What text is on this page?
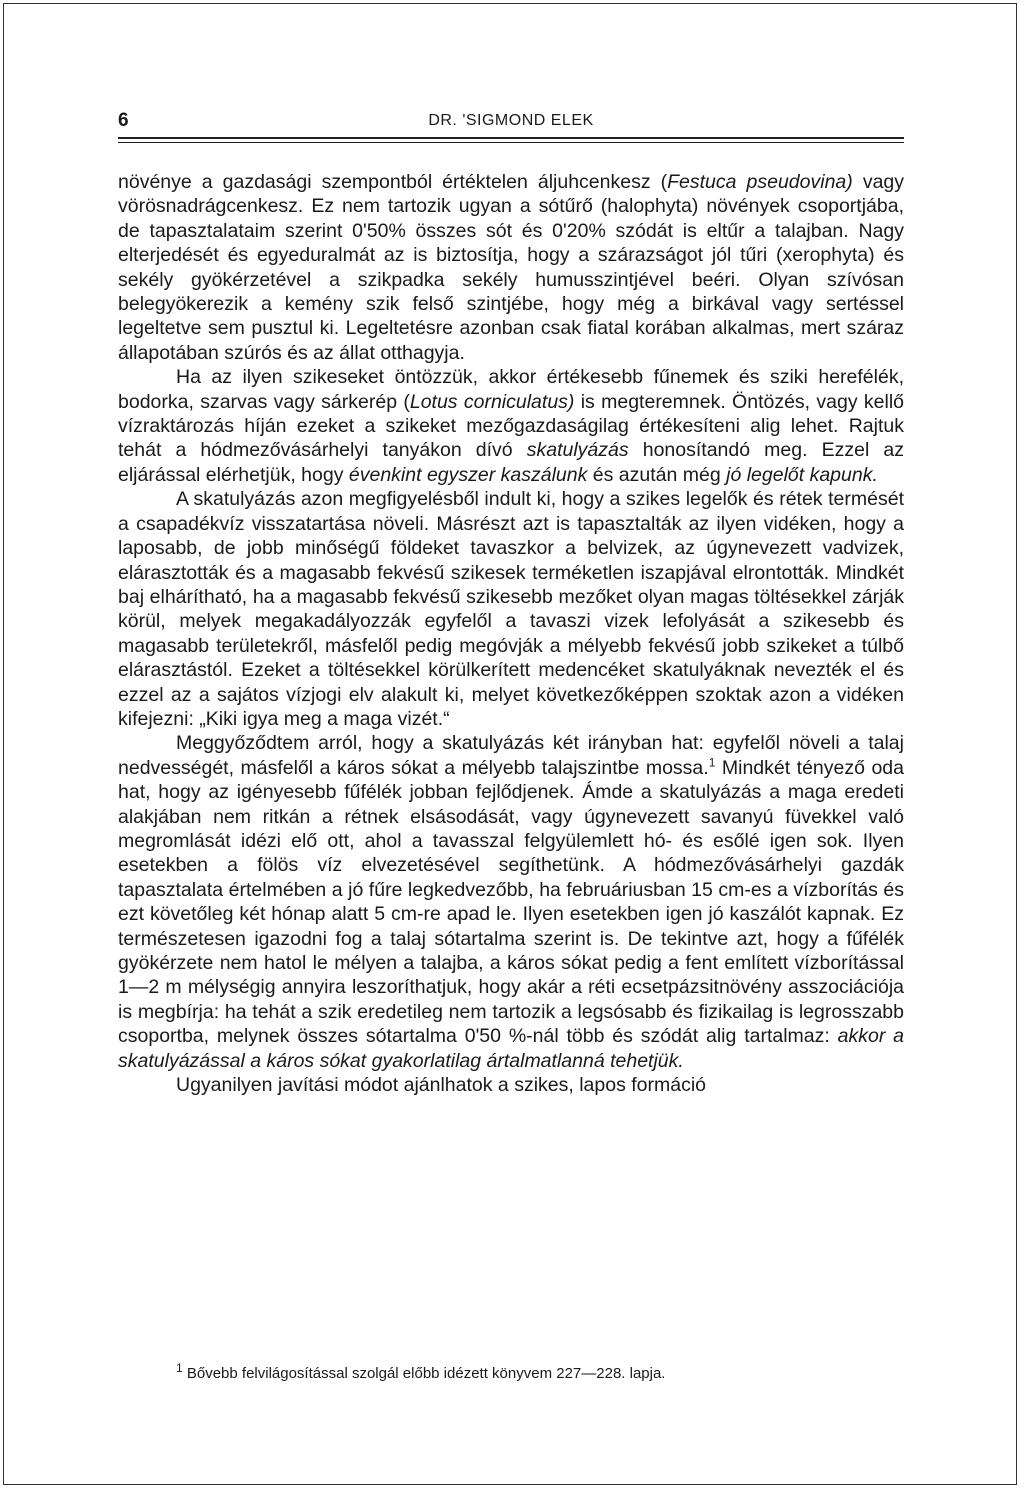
6	DR. 'SIGMOND ELEK

növénye a gazdasági szempontból értéktelen áljuhcenkesz (Festuca pseudovina) vagy vörösnadrágcenkesz. Ez nem tartozik ugyan a sótűrő (halophyta) növények csoportjába, de tapasztalataim szerint 0'50% összes sót és 0'20% szódát is eltűr a talajban. Nagy elterjedését és egyeduralmát az is biztosítja, hogy a szárazságot jól tűri (xerophyta) és sekély gyökérzetével a szikpadka sekély humusszintjével beéri. Olyan szívósan belegyökerezik a kemény szik felső szintjébe, hogy még a birkával vagy sertéssel legeltetve sem pusztul ki. Legeltetésre azonban csak fiatal korában alkalmas, mert száraz állapotában szúrós és az állat otthagyja.

Ha az ilyen szikeseket öntözzük, akkor értékesebb fűnemek és sziki herefélék, bodorka, szarvas vagy sárkerép (Lotus corniculatus) is megteremnek. Öntözés, vagy kellő vízraktározás híján ezeket a szikeket mezőgazdaságilag értékesíteni alig lehet. Rajtuk tehát a hódmezővásárhelyi tanyákon dívó skatulyázás honosítandó meg. Ezzel az eljárással elérhetjük, hogy évenkint egyszer kaszálunk és azután még jó legelőt kapunk.

A skatulyázás azon megfigyelésből indult ki, hogy a szikes legelők és rétek termését a csapadékvíz visszatartása növeli. Másrészt azt is tapasztalták az ilyen vidéken, hogy a laposabb, de jobb minőségű földeket tavaszkor a belvizek, az úgynevezett vadvizek, elárasztották és a magasabb fekvésű szikesek terméketlen iszapjával elrontották. Mindkét baj elhárítható, ha a magasabb fekvésű szikesebb mezőket olyan magas töltésekkel zárják körül, melyek megakadályozzák egyfelől a tavaszi vizek lefolyását a szikesebb és magasabb területekről, másfelől pedig megóvják a mélyebb fekvésű jobb szikeket a túlbő elárasztástól. Ezeket a töltésekkel körülkerített medencéket skatulyáknak nevezték el és ezzel az a sajátos vízjogi elv alakult ki, melyet következőképpen szoktak azon a vidéken kifejezni: „Kiki igya meg a maga vizét.“

Meggyőződtem arról, hogy a skatulyázás két irányban hat: egyfelől növeli a talaj nedvességét, másfelől a káros sókat a mélyebb talajszintbe mossa.$^1$ Mindkét tényező oda hat, hogy az igényesebb fűfélék jobban fejlődjenek. Ámde a skatulyázás a maga eredeti alakjában nem ritkán a rétnek elsásodását, vagy úgynevezett savanyú füvekkel való megromlását idézi elő ott, ahol a tavasszal felgyülemlett hó- és esőlé igen sok. Ilyen esetekben a fölös víz elvezetésével segíthetünk. A hódmezővásárhelyi gazdák tapasztalata értelmében a jó fűre legkedvezőbb, ha februáriusban 15 cm-es a vízborítás és ezt követőleg két hónap alatt 5 cm-re apad le. Ilyen esetekben igen jó kaszálót kapnak. Ez természetesen igazodni fog a talaj sótartalma szerint is. De tekintve azt, hogy a fűfélék gyökérzete nem hatol le mélyen a talajba, a káros sókat pedig a fent említett vízborítással 1—2 m mélységig annyira leszoríthatjuk, hogy akár a réti ecsetpázsitnövény asszociációja is megbírja: ha tehát a szik eredetileg nem tartozik a legsósabb és fizikailag is legrosszabb csoportba, melynek összes sótartalma 0'50 %-nál több és szódát alig tartalmaz: akkor a skatulyázással a káros sókat gyakorlatilag ártalmatlanná tehetjük.

Ugyanilyen javítási módot ajánlhatok a szikes, lapos formáció

$^1$ Bővebb felvilágosítással szolgál előbb idézett könyvem 227—228. lapja.
